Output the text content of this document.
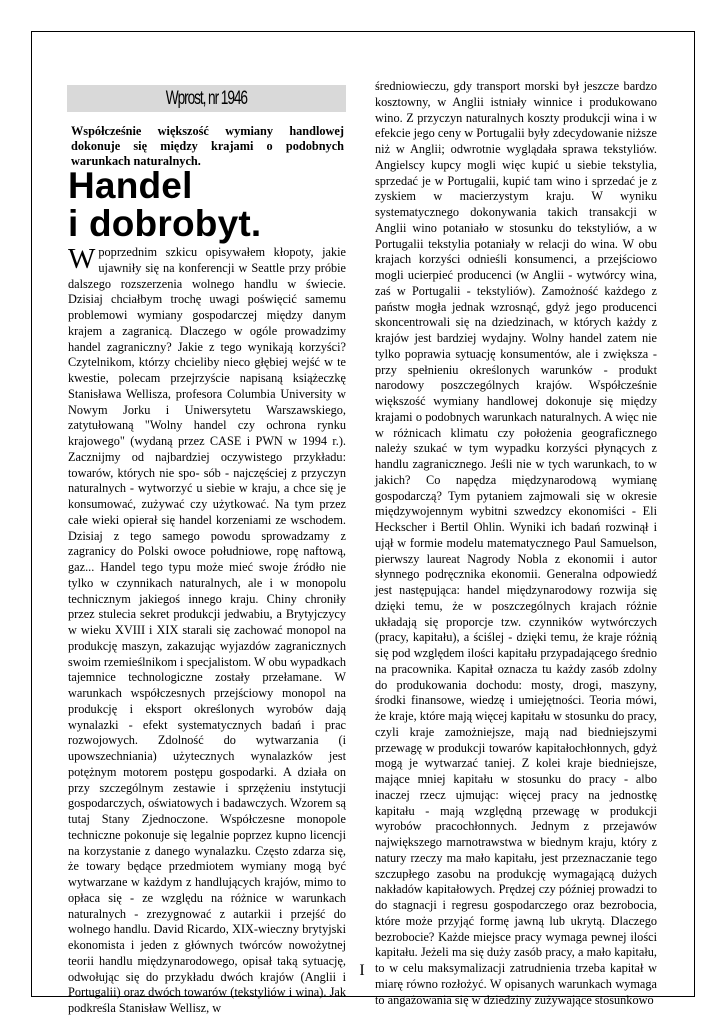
Wprost, nr 1946
Współcześnie większość wymiany handlowej dokonuje się między krajami o podobnych warunkach naturalnych.
Handel
i dobrobyt.

W poprzednim szkicu opisywałem kłopoty, jakie ujawniły się na konferencji w Seattle przy próbie dalszego rozszerzenia wolnego handlu w świecie. Dzisiaj chciałbym trochę uwagi poświęcić samemu problemowi wymiany gospodarczej między danym krajem a zagranicą. Dlaczego w ogóle prowadzimy handel zagraniczny? Jakie z tego wynikają korzyści? Czytelnikom, którzy chcieliby nieco głębiej wejść w te kwestie, polecam przejrzyście napisaną książeczkę Stanisława Wellisza, profesora Columbia University w Nowym Jorku i Uniwersytetu Warszawskiego, zatytułowaną "Wolny handel czy ochrona rynku krajowego" (wydaną przez CASE i PWN w 1994 r.). Zacznijmy od najbardziej oczywistego przykładu: towarów, których nie spo- sób - najczęściej z przyczyn naturalnych - wytworzyć u siebie w kraju, a chce się je konsumować, zużywać czy użytkować. Na tym przez całe wieki opierał się handel korzeniami ze wschodem. Dzisiaj z tego samego powodu sprowadzamy z zagranicy do Polski owoce południowe, ropę naftową, gaz... Handel tego typu może mieć swoje źródło nie tylko w czynnikach naturalnych, ale i w monopolu technicznym jakiegoś innego kraju. Chiny chroniły przez stulecia sekret produkcji jedwabiu, a Brytyjczycy w wieku XVIII i XIX starali się zachować monopol na produkcję maszyn, zakazując wyjazdów zagranicznych swoim rzemieślnikom i specjalistom. W obu wypadkach tajemnice technologiczne zostały przełamane. W warunkach współczesnych przejściowy monopol na produkcję i eksport określonych wyrobów dają wynalazki - efekt systematycznych badań i prac rozwojowych. Zdolność do wytwarzania (i upowszechniania) użytecznych wynalazków jest potężnym motorem postępu gospodarki. A działa on przy szczególnym zestawie i sprzężeniu instytucji gospodarczych, oświatowych i badawczych. Wzorem są tutaj Stany Zjednoczone. Współczesne monopole techniczne pokonuje się legalnie poprzez kupno licencji na korzystanie z danego wynalazku. Często zdarza się, że towary będące przedmiotem wymiany mogą być wytwarzane w każdym z handlujących krajów, mimo to opłaca się - ze względu na różnice w warunkach naturalnych - zrezygnować z autarkii i przejść do wolnego handlu. David Ricardo, XIX-wieczny brytyjski ekonomista i jeden z głównych twórców nowożytnej teorii handlu międzynarodowego, opisał taką sytuację, odwołując się do przykładu dwóch krajów (Anglii i Portugalii) oraz dwóch towarów (tekstyliów i wina). Jak podkreśla Stanisław Wellisz, w

średniowieczu, gdy transport morski był jeszcze bardzo kosztowny, w Anglii istniały winnice i produkowano wino. Z przyczyn naturalnych koszty produkcji wina i w efekcie jego ceny w Portugalii były zdecydowanie niższe niż w Anglii; odwrotnie wyglądała sprawa tekstyliów. Angielscy kupcy mogli więc kupić u siebie tekstylia, sprzedać je w Portugalii, kupić tam wino i sprzedać je z zyskiem w macierzystym kraju. W wyniku systematycznego dokonywania takich transakcji w Anglii wino potaniało w stosunku do tekstyliów, a w Portugalii tekstylia potaniały w relacji do wina. W obu krajach korzyści odnieśli konsumenci, a przejściowo mogli ucierpieć producenci (w Anglii - wytwórcy wina, zaś w Portugalii - tekstyliów). Zamożność każdego z państw mogła jednak wzrosnąć, gdyż jego producenci skoncentrowali się na dziedzinach, w których każdy z krajów jest bardziej wydajny. Wolny handel zatem nie tylko poprawia sytuację konsumentów, ale i zwiększa - przy spełnieniu określonych warunków - produkt narodowy poszczególnych krajów. Współcześnie większość wymiany handlowej dokonuje się między krajami o podobnych warunkach naturalnych. A więc nie w różnicach klimatu czy położenia geograficznego należy szukać w tym wypadku korzyści płynących z handlu zagranicznego. Jeśli nie w tych warunkach, to w jakich? Co napędza międzynarodową wymianę gospodarczą? Tym pytaniem zajmowali się w okresie międzywojennym wybitni szwedzcy ekonomiści - Eli Heckscher i Bertil Ohlin. Wyniki ich badań rozwinął i ujął w formie modelu matematycznego Paul Samuelson, pierwszy laureat Nagrody Nobla z ekonomii i autor słynnego podręcznika ekonomii. Generalna odpowiedź jest następująca: handel międzynarodowy rozwija się dzięki temu, że w poszczególnych krajach różnie układają się proporcje tzw. czynników wytwórczych (pracy, kapitału), a ściślej - dzięki temu, że kraje różnią się pod względem ilości kapitału przypadającego średnio na pracownika. Kapitał oznacza tu każdy zasób zdolny do produkowania dochodu: mosty, drogi, maszyny, środki finansowe, wiedzę i umiejętności. Teoria mówi, że kraje, które mają więcej kapitału w stosunku do pracy, czyli kraje zamożniejsze, mają nad biedniejszymi przewagę w produkcji towarów kapitałochłonnych, gdyż mogą je wytwarzać taniej. Z kolei kraje biedniejsze, mające mniej kapitału w stosunku do pracy - albo inaczej rzecz ujmując: więcej pracy na jednostkę kapitału - mają względną przewagę w produkcji wyrobów pracochłonnych. Jednym z przejawów największego marnotrawstwa w biednym kraju, który z natury rzeczy ma mało kapitału, jest przeznaczanie tego szczupłego zasobu na produkcję wymagającą dużych nakładów kapitałowych. Prędzej czy później prowadzi to do stagnacji i regresu gospodarczego oraz bezrobocia, które może przyjąć formę jawną lub ukrytą. Dlaczego bezrobocie? Każde miejsce pracy wymaga pewnej ilości kapitału. Jeżeli ma się duży zasób pracy, a mało kapitału, to w celu maksymalizacji zatrudnienia trzeba kapitał w miarę równo rozłożyć. W opisanych warunkach wymaga to angażowania się w dziedziny zużywające stosunkowo

I
